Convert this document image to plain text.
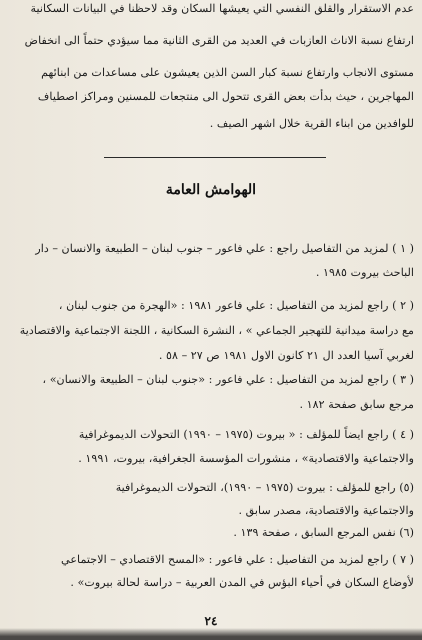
عدم الاستقرار والقلق النفسي التي يعيشها السكان وقد لاحظنا في البيانات السكانية
ارتفاع نسبة الاناث العازبات في العديد من القرى الثانية مما سيؤدي حتماً الى انخفاض
مستوى الانجاب وارتفاع نسبة كبار السن الذين يعيشون على مساعدات من ابنائهم
المهاجرين ، حيث بدأت بعض القرى تتحول الى منتجعات للمسنين ومراكز اصطياف
للوافدين من ابناء القرية خلال اشهر الصيف .
الهوامش العامة
( ١ ) لمزيد من التفاصيل راجع : علي فاعور – جنوب لبنان – الطبيعة والانسان – دار
الباحث بيروت ١٩٨٥ .
( ٢ ) راجع لمزيد من التفاصيل : علي فاعور ١٩٨١ : «الهجرة من جنوب لبنان ،
مع دراسة ميدانية للتهجير الجماعي » ، النشرة السكانية ، اللجنة الاجتماعية والاقتصادية
لغربي آسيا العدد ال ٢١ كانون الاول ١٩٨١ ص ٢٧ – ٥٨ .
( ٣ ) راجع لمزيد من التفاصيل : علي فاعور : «جنوب لبنان – الطبيعة والانسان» ،
مرجع سابق صفحة ١٨٢ .
( ٤ ) راجع ايضاً للمؤلف : « بيروت (١٩٧٥ – ١٩٩٠) التحولات الديموغرافية
والاجتماعية والاقتصادية» ، منشورات المؤسسة الجغرافية، بيروت، ١٩٩١ .
(٥) راجع للمؤلف : بيروت (١٩٧٥ – ١٩٩٠)، التحولات الديموغرافية
والاجتماعية والاقتصادية، مصدر سابق .
(٦) نفس المرجع السابق ، صفحة ١٣٩ .
( ٧ ) راجع لمزيد من التفاصيل : علي فاعور : «المسح الاقتصادي – الاجتماعي
لأوضاع السكان في أحياء البؤس في المدن العربية – دراسة لحالة بيروت» .
٢٤
